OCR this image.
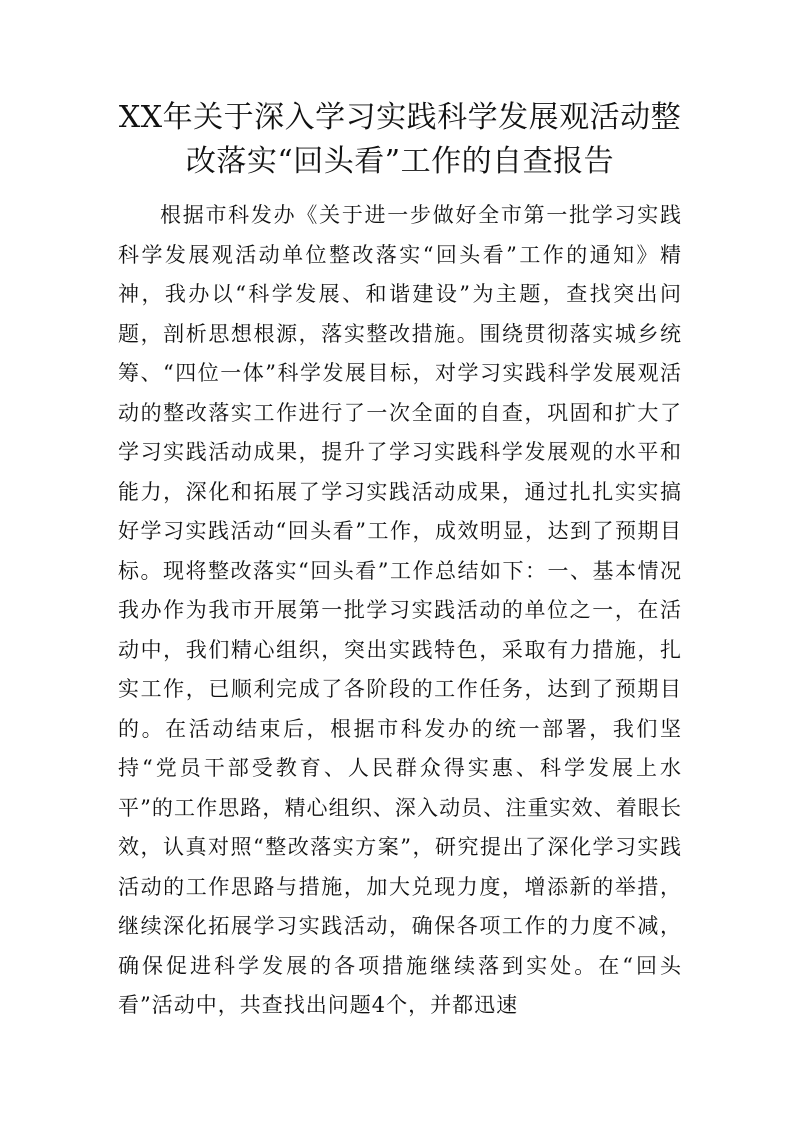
XX年关于深入学习实践科学发展观活动整改落实“回头看”工作的自查报告

根据市科发办《关于进一步做好全市第一批学习实践科学发展观活动单位整改落实“回头看”工作的通知》精神，我办以“科学发展、和谐建设”为主题，查找突出问题，剖析思想根源，落实整改措施。围绕贯彻落实城乡统筹、“四位一体”科学发展目标，对学习实践科学发展观活动的整改落实工作进行了一次全面的自查，巩固和扩大了学习实践活动成果，提升了学习实践科学发展观的水平和能力，深化和拓展了学习实践活动成果，通过扎扎实实搞好学习实践活动“回头看”工作，成效明显，达到了预期目标。现将整改落实“回头看”工作总结如下：一、基本情况我办作为我市开展第一批学习实践活动的单位之一，在活动中，我们精心组织，突出实践特色，采取有力措施，扎实工作，已顺利完成了各阶段的工作任务，达到了预期目的。在活动结束后，根据市科发办的统一部署，我们坚持“党员干部受教育、人民群众得实惠、科学发展上水平”的工作思路，精心组织、深入动员、注重实效、着眼长效，认真对照“整改落实方案”，研究提出了深化学习实践活动的工作思路与措施，加大兑现力度，增添新的举措，继续深化拓展学习实践活动，确保各项工作的力度不减，确保促进科学发展的各项措施继续落到实处。在“回头看”活动中，共查找出问题4个，并都迅速
